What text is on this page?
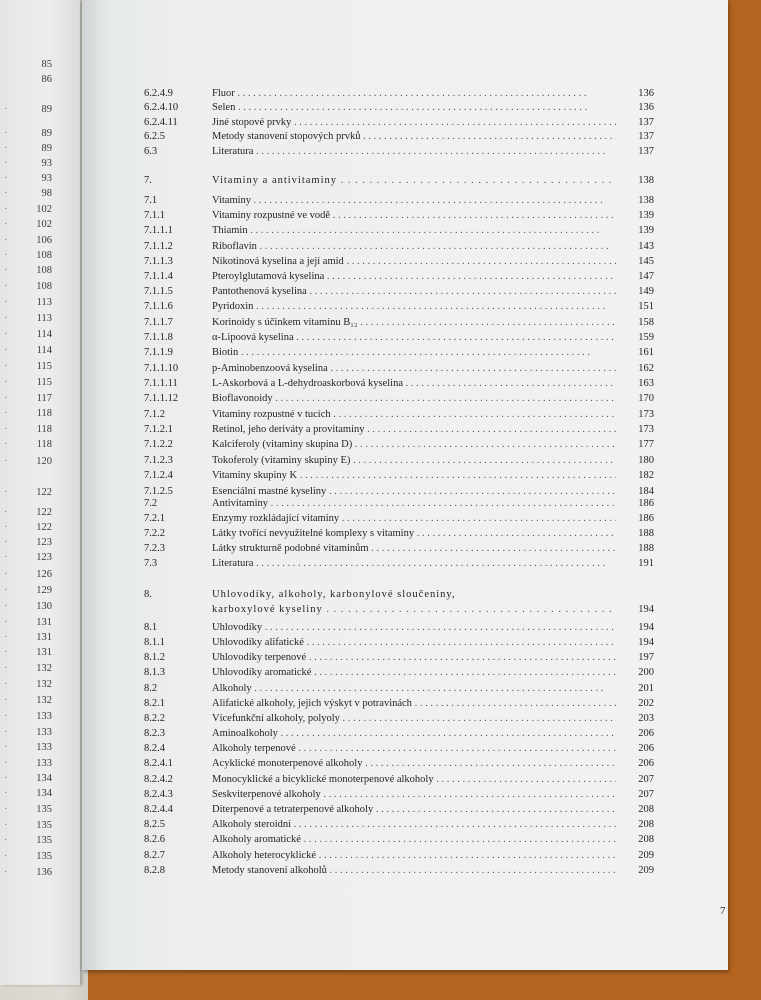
85
86
89
·
89
·
89
·
93
·
93
·
98
·
102
·
102
·
106
·
108
·
108
·
108
·
113
·
113
·
114
·
114
·
115
·
115
·
117
·
118
·
118
·
118
·
120
·
122
·
122
·
122
·
123
·
123
·
126
·
129
·
130
·
131
·
131
·
131
·
132
·
132
·
132
·
133
·
133
·
133
·
133
·
134
·
134
·
135
·
135
·
135
·
135
·
136
·
6.2.4.9	Fluor . . .	136
6.2.4.10	Selen . . .	136
6.2.4.11	Jiné stopové prvky . . .	137
6.2.5	Metody stanovení stopových prvků . . .	137
6.3	Literatura . . .	137
7.	Vitaminy a antivitaminy . . .	138
7.1	Vitaminy . . .	138
7.1.1	Vitaminy rozpustné ve vodě . . .	139
7.1.1.1	Thiamin . . .	139
7.1.1.2	Riboflavin . . .	143
7.1.1.3	Nikotinová kyselina a její amid . . .	145
7.1.1.4	Pteroylglutamová kyselina . . .	147
7.1.1.5	Pantothenová kyselina . . .	149
7.1.1.6	Pyridoxin . . .	151
7.1.1.7	Korinoidy s účinkem vitaminu B₁₂ . . .	158
7.1.1.8	α-Lipoová kyselina . . .	159
7.1.1.9	Biotin . . .	161
7.1.1.10	p-Aminobenzoová kyselina . . .	162
7.1.1.11	L-Askorbová a L-dehydroaskorbová kyselina . . .	163
7.1.1.12	Bioflavonoidy . . .	170
7.1.2	Vitaminy rozpustné v tucích . . .	173
7.1.2.1	Retinol, jeho deriváty a provitaminy . . .	173
7.1.2.2	Kalciferoly (vitaminy skupina D) . . .	177
7.1.2.3	Tokoferoly (vitaminy skupiny E) . . .	180
7.1.2.4	Vitaminy skupiny K . . .	182
7.1.2.5	Esenciální mastné kyseliny . . .	184
7.2	Antivitaminy . . .	186
7.2.1	Enzymy rozkládající vitaminy . . .	186
7.2.2	Látky tvořící nevyužitelné komplexy s vitaminy . . .	188
7.2.3	Látky strukturně podobné vitaminům . . .	188
7.3	Literatura . . .	191
8.	Uhlovodíky, alkoholy, karbonylové sloučeniny,
karboxylové kyseliny . . .	194
8.1	Uhlovodíky . . .	194
8.1.1	Uhlovodíky alifatické . . .	194
8.1.2	Uhlovodíky terpenové . . .	197
8.1.3	Uhlovodíky aromatické . . .	200
8.2	Alkoholy . . .	201
8.2.1	Alifatické alkoholy, jejich výskyt v potravinách . . .	202
8.2.2	Vícefunkční alkoholy, polyoly . . .	203
8.2.3	Aminoalkoholy . . .	206
8.2.4	Alkoholy terpenové . . .	206
8.2.4.1	Acyklické monoterpenové alkoholy . . .	206
8.2.4.2	Monocyklické a bicyklické monoterpenové alkoholy . . .	207
8.2.4.3	Seskviterpenové alkoholy . . .	207
8.2.4.4	Diterpenové a tetraterpenové alkoholy . . .	208
8.2.5	Alkoholy steroidní . . .	208
8.2.6	Alkoholy aromatické . . .	208
8.2.7	Alkoholy heterocyklické . . .	209
8.2.8	Metody stanovení alkoholů . . .	209
7
